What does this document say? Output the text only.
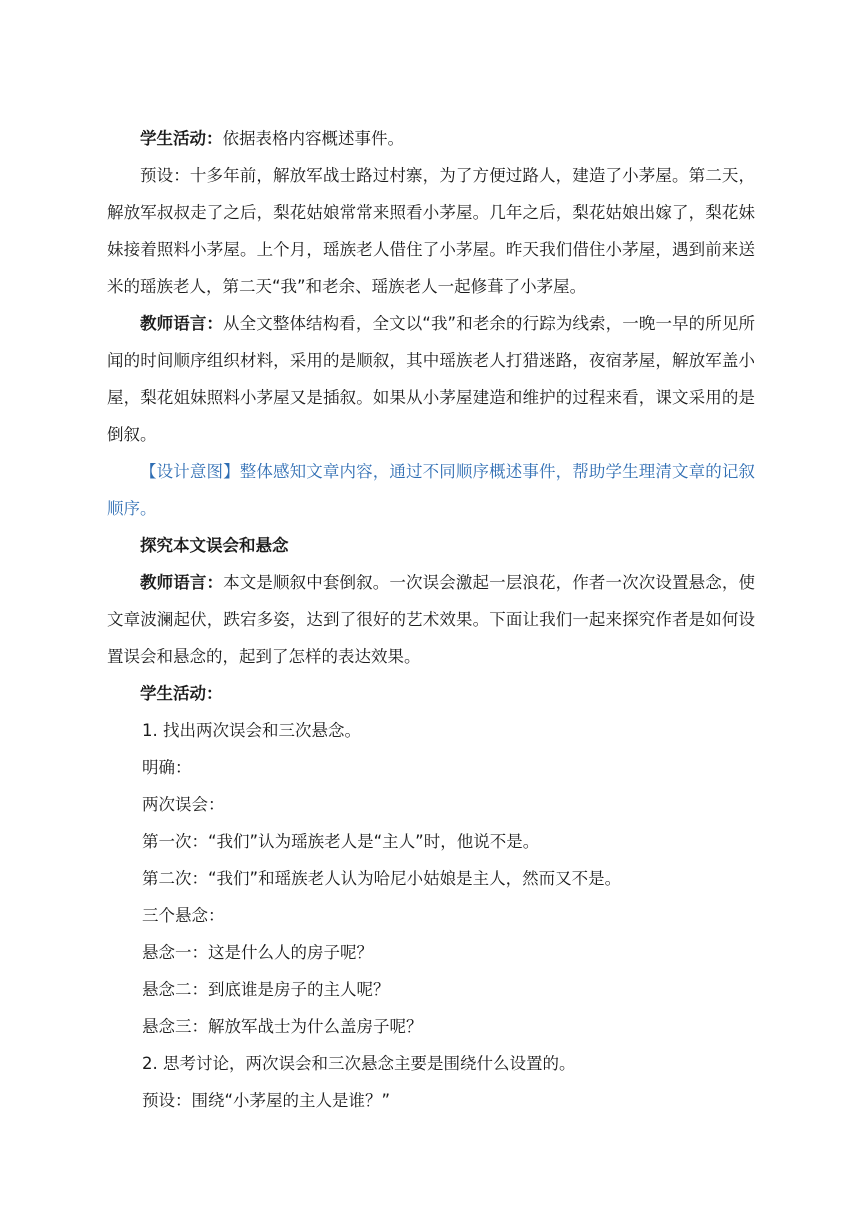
学生活动：依据表格内容概述事件。

预设：十多年前，解放军战士路过村寨，为了方便过路人，建造了小茅屋。第二天，解放军叔叔走了之后，梨花姑娘常常来照看小茅屋。几年之后，梨花姑娘出嫁了，梨花妹妹接着照料小茅屋。上个月，瑶族老人借住了小茅屋。昨天我们借住小茅屋，遇到前来送米的瑶族老人，第二天“我”和老余、瑶族老人一起修葺了小茅屋。

教师语言：从全文整体结构看，全文以“我”和老余的行踪为线索，一晚一早的所见所闻的时间顺序组织材料，采用的是顺叙，其中瑶族老人打猎迷路，夜宿茅屋，解放军盖小屋，梨花姐妹照料小茅屋又是插叙。如果从小茅屋建造和维护的过程来看，课文采用的是倒叙。

【设计意图】整体感知文章内容，通过不同顺序概述事件，帮助学生理清文章的记叙顺序。

探究本文误会和悬念

教师语言：本文是顺叙中套倒叙。一次误会激起一层浪花，作者一次次设置悬念，使文章波澜起伏，跌宕多姿，达到了很好的艺术效果。下面让我们一起来探究作者是如何设置误会和悬念的，起到了怎样的表达效果。

学生活动：

1. 找出两次误会和三次悬念。

明确：

两次误会：

第一次：“我们”认为瑶族老人是“主人”时，他说不是。

第二次：“我们”和瑶族老人认为哈尼小姑娘是主人，然而又不是。

三个悬念：

悬念一：这是什么人的房子呢？

悬念二：到底谁是房子的主人呢？

悬念三：解放军战士为什么盖房子呢？

2. 思考讨论，两次误会和三次悬念主要是围绕什么设置的。

预设：围绕“小茅屋的主人是谁？”
